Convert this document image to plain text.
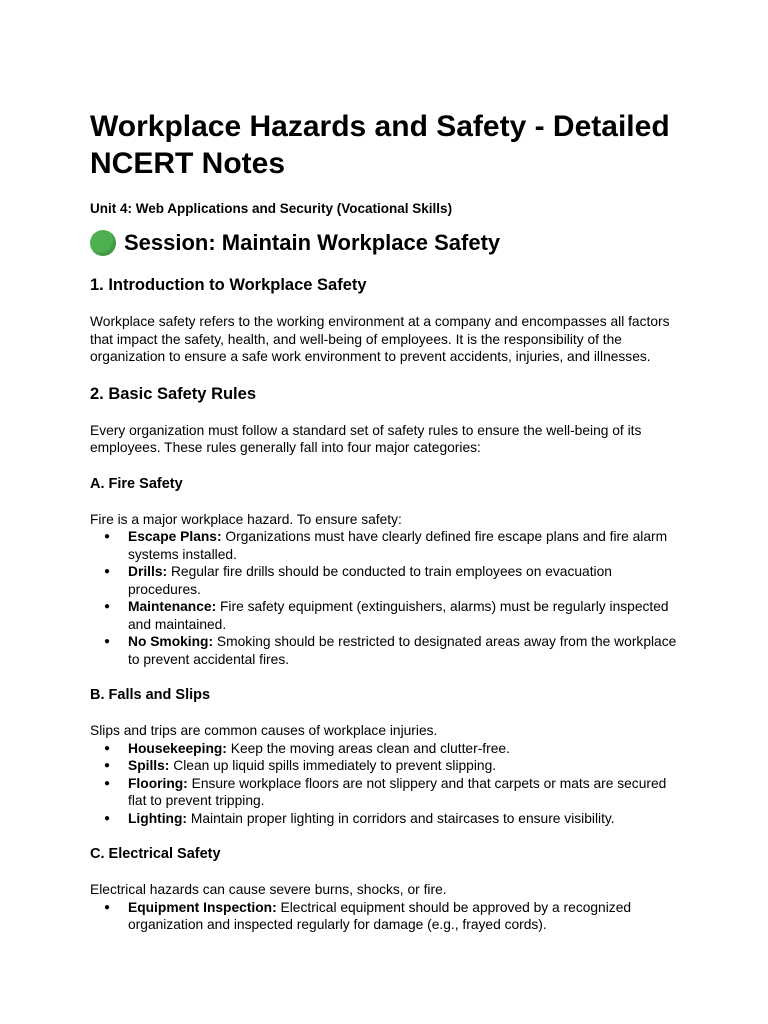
Workplace Hazards and Safety - Detailed NCERT Notes
Unit 4: Web Applications and Security (Vocational Skills)
Session: Maintain Workplace Safety
1. Introduction to Workplace Safety

Workplace safety refers to the working environment at a company and encompasses all factors that impact the safety, health, and well-being of employees. It is the responsibility of the organization to ensure a safe work environment to prevent accidents, injuries, and illnesses.

2. Basic Safety Rules

Every organization must follow a standard set of safety rules to ensure the well-being of its employees. These rules generally fall into four major categories:

A. Fire Safety

Fire is a major workplace hazard. To ensure safety:

● Escape Plans: Organizations must have clearly defined fire escape plans and fire alarm systems installed.
● Drills: Regular fire drills should be conducted to train employees on evacuation procedures.
● Maintenance: Fire safety equipment (extinguishers, alarms) must be regularly inspected and maintained.
● No Smoking: Smoking should be restricted to designated areas away from the workplace to prevent accidental fires.
B. Falls and Slips

Slips and trips are common causes of workplace injuries.

● Housekeeping: Keep the moving areas clean and clutter-free.
● Spills: Clean up liquid spills immediately to prevent slipping.
● Flooring: Ensure workplace floors are not slippery and that carpets or mats are secured flat to prevent tripping.
● Lighting: Maintain proper lighting in corridors and staircases to ensure visibility.
C. Electrical Safety

Electrical hazards can cause severe burns, shocks, or fire.

● Equipment Inspection: Electrical equipment should be approved by a recognized organization and inspected regularly for damage (e.g., frayed cords).
